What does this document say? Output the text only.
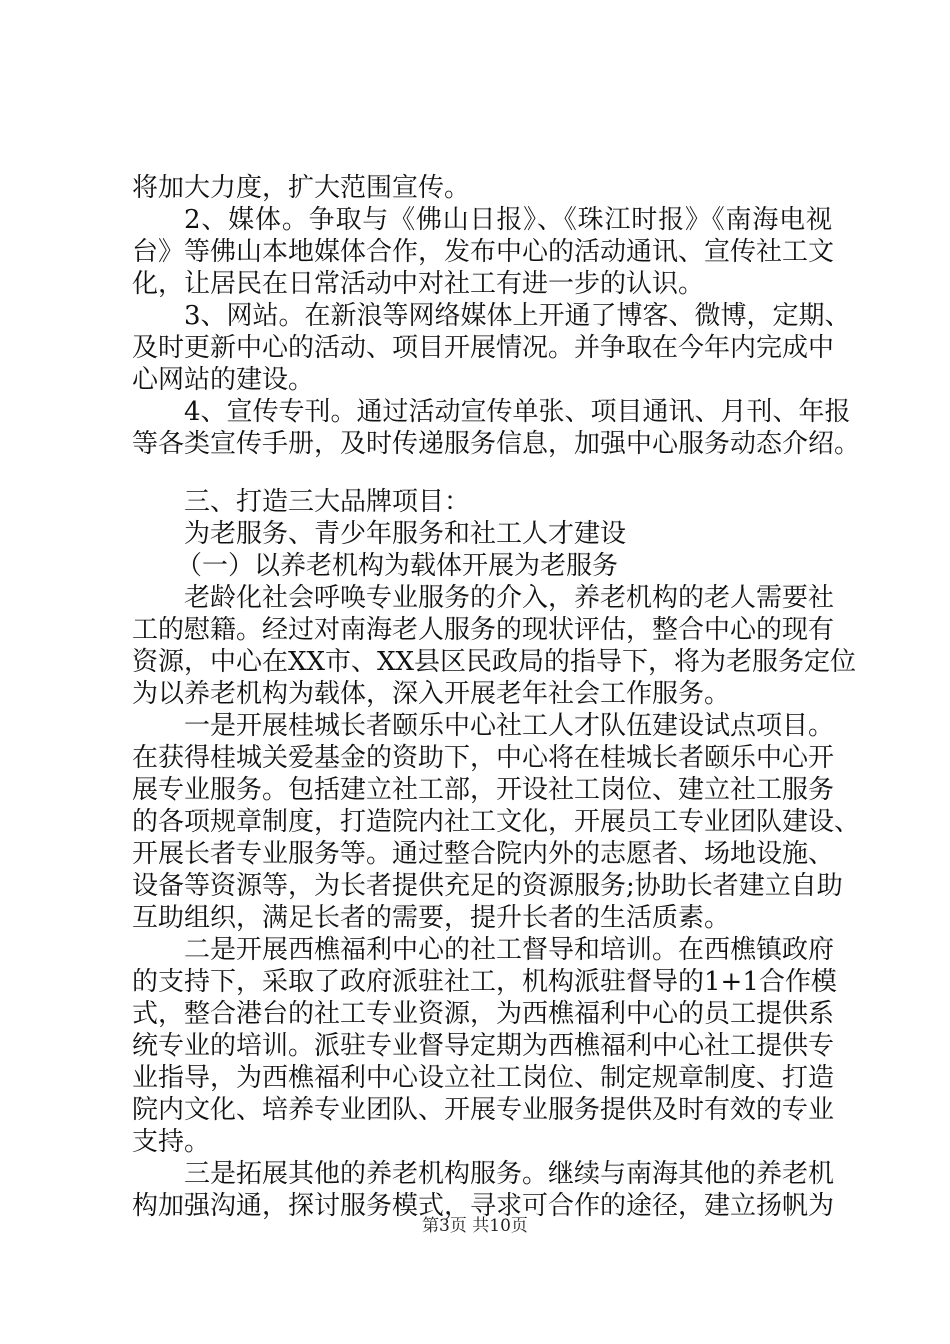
将加大力度，扩大范围宣传。
2、媒体。争取与《佛山日报》、《珠江时报》《南海电视
台》等佛山本地媒体合作，发布中心的活动通讯、宣传社工文
化，让居民在日常活动中对社工有进一步的认识。
3、网站。在新浪等网络媒体上开通了博客、微博，定期、
及时更新中心的活动、项目开展情况。并争取在今年内完成中
心网站的建设。
4、宣传专刊。通过活动宣传单张、项目通讯、月刊、年报
等各类宣传手册，及时传递服务信息，加强中心服务动态介绍。
三、打造三大品牌项目：
为老服务、青少年服务和社工人才建设
（一）以养老机构为载体开展为老服务
老龄化社会呼唤专业服务的介入，养老机构的老人需要社
工的慰籍。经过对南海老人服务的现状评估，整合中心的现有
资源，中心在XX市、XX县区民政局的指导下，将为老服务定位
为以养老机构为载体，深入开展老年社会工作服务。
一是开展桂城长者颐乐中心社工人才队伍建设试点项目。
在获得桂城关爱基金的资助下，中心将在桂城长者颐乐中心开
展专业服务。包括建立社工部，开设社工岗位、建立社工服务
的各项规章制度，打造院内社工文化，开展员工专业团队建设、
开展长者专业服务等。通过整合院内外的志愿者、场地设施、
设备等资源等，为长者提供充足的资源服务;协助长者建立自助
互助组织，满足长者的需要，提升长者的生活质素。
二是开展西樵福利中心的社工督导和培训。在西樵镇政府
的支持下，采取了政府派驻社工，机构派驻督导的1+1合作模
式，整合港台的社工专业资源，为西樵福利中心的员工提供系
统专业的培训。派驻专业督导定期为西樵福利中心社工提供专
业指导，为西樵福利中心设立社工岗位、制定规章制度、打造
院内文化、培养专业团队、开展专业服务提供及时有效的专业
支持。
三是拓展其他的养老机构服务。继续与南海其他的养老机
构加强沟通，探讨服务模式，寻求可合作的途径，建立扬帆为
第3页 共10页
